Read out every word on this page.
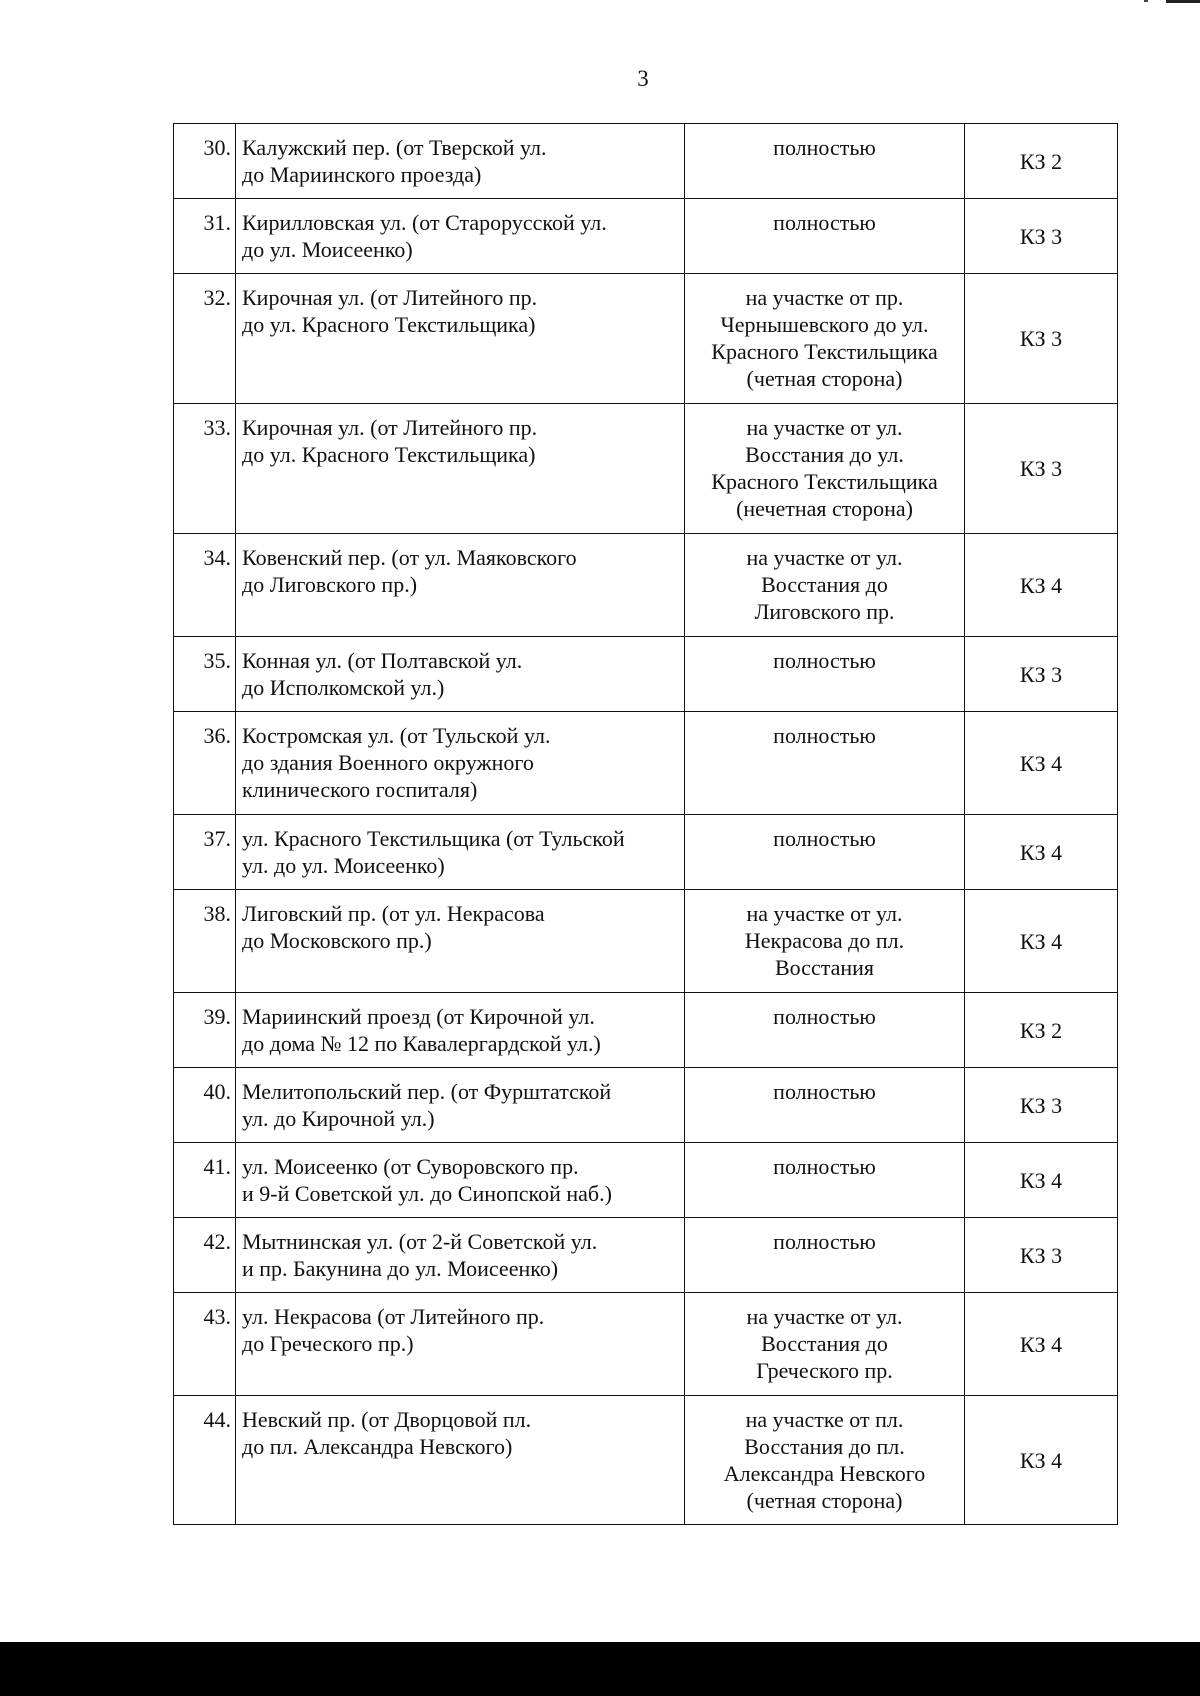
3
30.	Калужский пер. (от Тверской ул.
до Мариинского проезда)	полностью	КЗ 2
31.	Кирилловская ул. (от Старорусской ул.
до ул. Моисеенко)	полностью	КЗ 3
32.	Кирочная ул. (от Литейного пр.
до ул. Красного Текстильщика)	на участке от пр.
Чернышевского до ул.
Красного Текстильщика
(четная сторона)	КЗ 3
33.	Кирочная ул. (от Литейного пр.
до ул. Красного Текстильщика)	на участке от ул.
Восстания до ул.
Красного Текстильщика
(нечетная сторона)	КЗ 3
34.	Ковенский пер. (от ул. Маяковского
до Лиговского пр.)	на участке от ул.
Восстания до
Лиговского пр.	КЗ 4
35.	Конная ул. (от Полтавской ул.
до Исполкомской ул.)	полностью	КЗ 3
36.	Костромская ул. (от Тульской ул.
до здания Военного окружного
клинического госпиталя)	полностью	КЗ 4
37.	ул. Красного Текстильщика (от Тульской
ул. до ул. Моисеенко)	полностью	КЗ 4
38.	Лиговский пр. (от ул. Некрасова
до Московского пр.)	на участке от ул.
Некрасова до пл.
Восстания	КЗ 4
39.	Мариинский проезд (от Кирочной ул.
до дома № 12 по Кавалергардской ул.)	полностью	КЗ 2
40.	Мелитопольский пер. (от Фурштатской
ул. до Кирочной ул.)	полностью	КЗ 3
41.	ул. Моисеенко (от Суворовского пр.
и 9-й Советской ул. до Синопской наб.)	полностью	КЗ 4
42.	Мытнинская ул. (от 2-й Советской ул.
и пр. Бакунина до ул. Моисеенко)	полностью	КЗ 3
43.	ул. Некрасова (от Литейного пр.
до Греческого пр.)	на участке от ул.
Восстания до
Греческого пр.	КЗ 4
44.	Невский пр. (от Дворцовой пл.
до пл. Александра Невского)	на участке от пл.
Восстания до пл.
Александра Невского
(четная сторона)	КЗ 4
